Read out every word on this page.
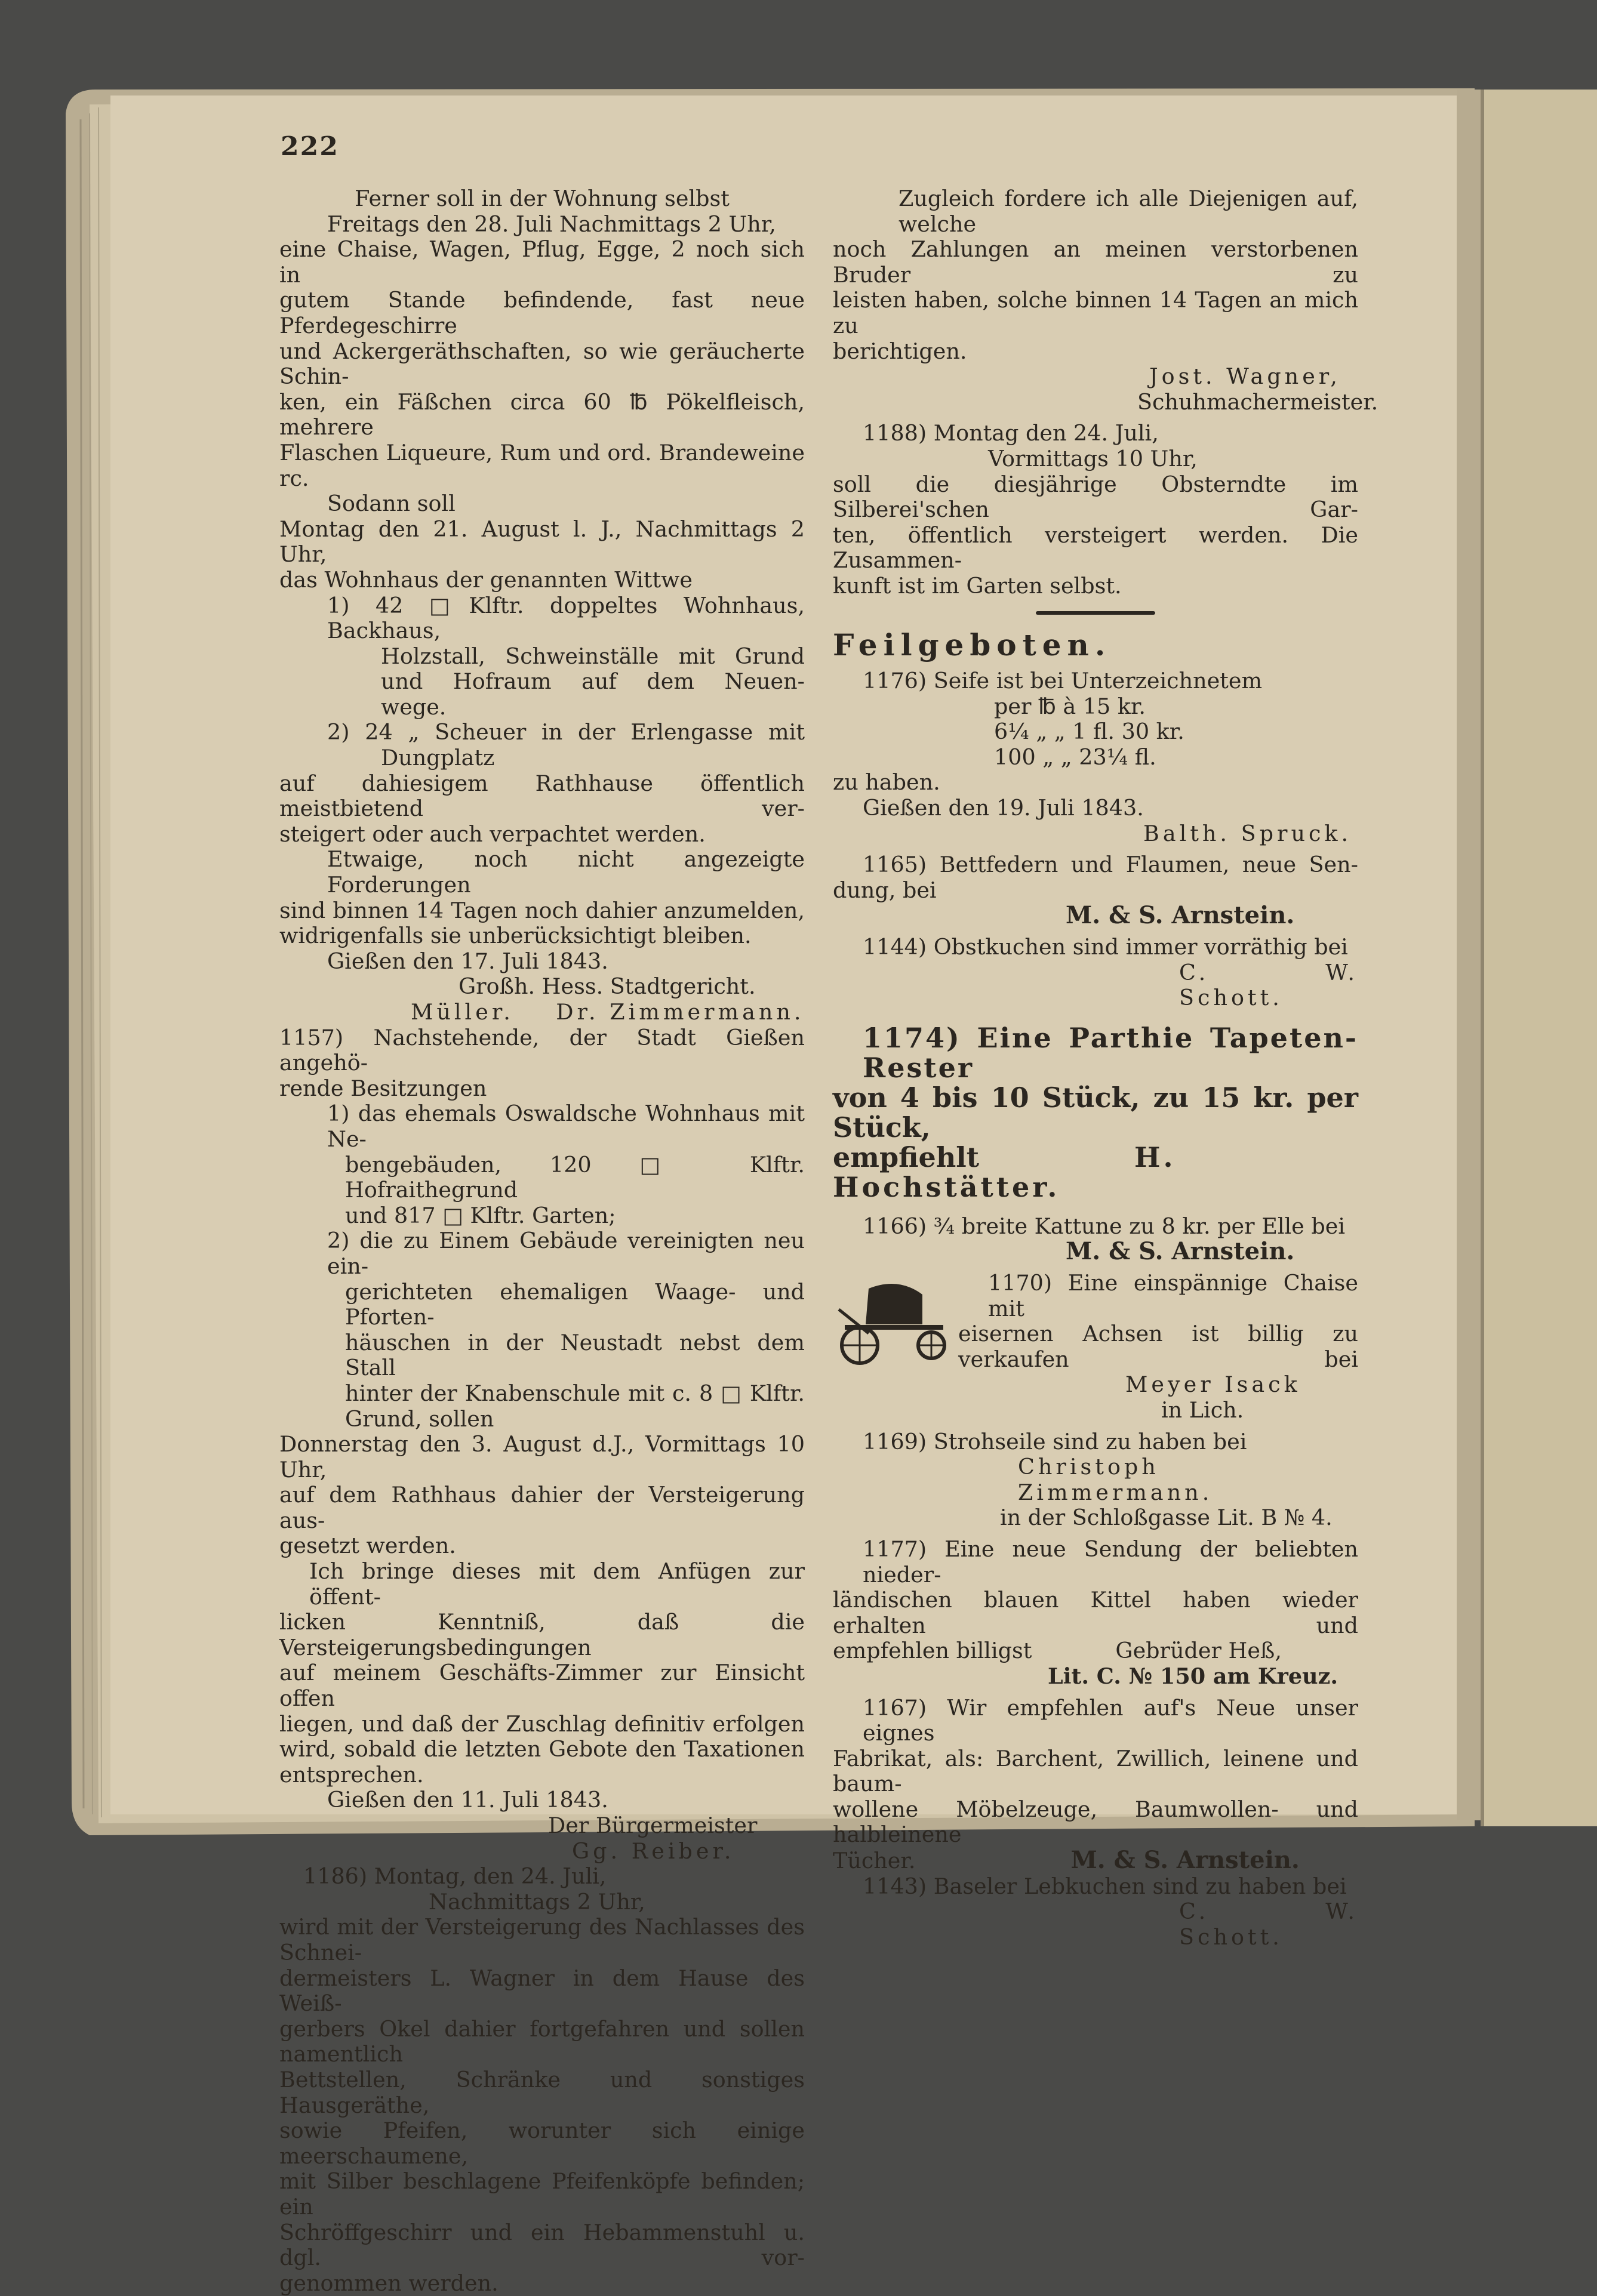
222

Ferner soll in der Wohnung selbst

Freitags den 28. Juli Nachmittags 2 Uhr,

eine Chaise, Wagen, Pflug, Egge, 2 noch sich in

gutem Stande befindende, fast neue Pferdegeschirre

und Ackergeräthschaften, so wie geräucherte Schin-

ken, ein Fäßchen circa 60 ℔ Pökelfleisch, mehrere

Flaschen Liqueure, Rum und ord. Brandeweine rc.

Sodann soll

Montag den 21. August l. J., Nachmittags 2 Uhr,

das Wohnhaus der genannten Wittwe

1) 42 □Klftr. doppeltes Wohnhaus, Backhaus,

Holzstall, Schweinställe mit Grund

und Hofraum auf dem Neuen-

wege.

2) 24 „ Scheuer in der Erlengasse mit

Dungplatz

auf dahiesigem Rathhause öffentlich meistbietend ver-

steigert oder auch verpachtet werden.

Etwaige, noch nicht angezeigte Forderungen

sind binnen 14 Tagen noch dahier anzumelden,

widrigenfalls sie unberücksichtigt bleiben.

Gießen den 17. Juli 1843.

Großh. Hess. Stadtgericht.

Müller. Dr. Zimmermann.

1157) Nachstehende, der Stadt Gießen angehö-

rende Besitzungen

1) das ehemals Oswaldsche Wohnhaus mit Ne-

bengebäuden, 120 □ Klftr. Hofraithegrund

und 817 □ Klftr. Garten;

2) die zu Einem Gebäude vereinigten neu ein-

gerichteten ehemaligen Waage- und Pforten-

häuschen in der Neustadt nebst dem Stall

hinter der Knabenschule mit c. 8 □ Klftr.

Grund, sollen

Donnerstag den 3. August d.J., Vormittags 10 Uhr,

auf dem Rathhaus dahier der Versteigerung aus-

gesetzt werden.

Ich bringe dieses mit dem Anfügen zur öffent-

licken Kenntniß, daß die Versteigerungsbedingungen

auf meinem Geschäfts-Zimmer zur Einsicht offen

liegen, und daß der Zuschlag definitiv erfolgen

wird, sobald die letzten Gebote den Taxationen

entsprechen.

Gießen den 11. Juli 1843.

Der Bürgermeister

Gg. Reiber.

1186) Montag, den 24. Juli,

Nachmittags 2 Uhr,

wird mit der Versteigerung des Nachlasses des Schnei-

dermeisters L. Wagner in dem Hause des Weiß-

gerbers Okel dahier fortgefahren und sollen namentlich

Bettstellen, Schränke und sonstiges Hausgeräthe,

sowie Pfeifen, worunter sich einige meerschaumene,

mit Silber beschlagene Pfeifenköpfe befinden; ein

Schröffgeschirr und ein Hebammenstuhl u. dgl. vor-

genommen werden.

Zugleich fordere ich alle Diejenigen auf, welche

noch Zahlungen an meinen verstorbenen Bruder zu

leisten haben, solche binnen 14 Tagen an mich zu

berichtigen.

Jost. Wagner,

Schuhmachermeister.

1188) Montag den 24. Juli,

Vormittags 10 Uhr,

soll die diesjährige Obsterndte im Silberei'schen Gar-

ten, öffentlich versteigert werden. Die Zusammen-

kunft ist im Garten selbst.

Feilgeboten.

1176) Seife ist bei Unterzeichnetem

per ℔ à 15 kr.

6¼ „ „ 1 fl. 30 kr.

100 „ „ 23¼ fl.

zu haben.

Gießen den 19. Juli 1843.

Balth. Spruck.

1165) Bettfedern und Flaumen, neue Sen-

dung, bei

M. & S. Arnstein.

1144) Obstkuchen sind immer vorräthig bei

C. W. Schott.

1174) Eine Parthie Tapeten-Rester

von 4 bis 10 Stück, zu 15 kr. per Stück,

empfiehlt	H. Hochstätter.

1166) ¾ breite Kattune zu 8 kr. per Elle bei

M. & S. Arnstein.

1170) Eine einspännige Chaise mit

eisernen Achsen ist billig zu verkaufen bei

Meyer Isack

in Lich.

1169) Strohseile sind zu haben bei

Christoph Zimmermann.

in der Schloßgasse Lit. B № 4.

1177) Eine neue Sendung der beliebten nieder-

ländischen blauen Kittel haben wieder erhalten und

empfehlen billigst	Gebrüder Heß,

Lit. C. № 150 am Kreuz.

1167) Wir empfehlen auf's Neue unser eignes

Fabrikat, als: Barchent, Zwillich, leinene und baum-

wollene Möbelzeuge, Baumwollen- und halbleinene

Tücher.	M. & S. Arnstein.

1143) Baseler Lebkuchen sind zu haben bei

C. W. Schott.
